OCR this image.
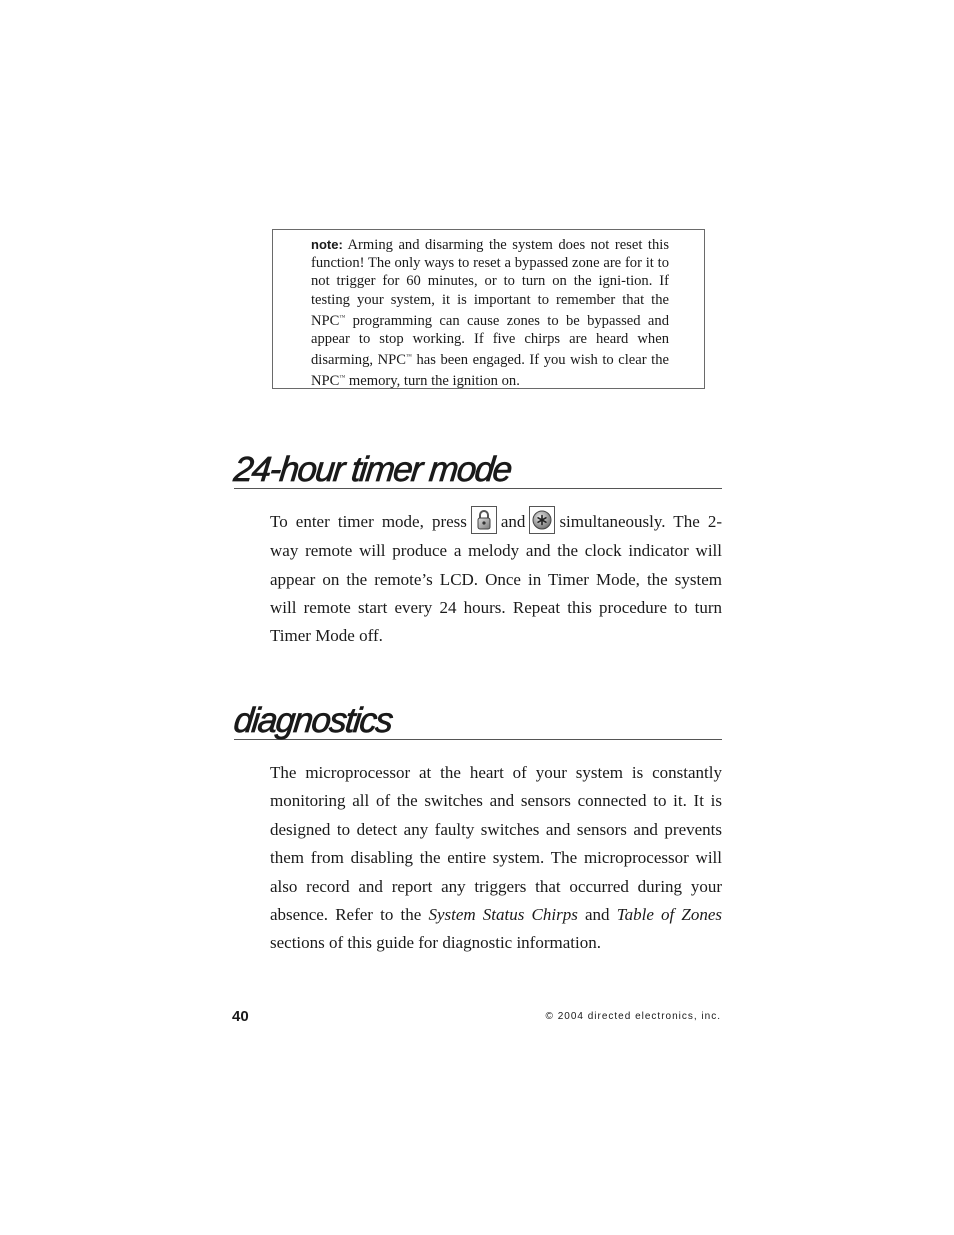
note: Arming and disarming the system does not reset this function! The only ways to reset a bypassed zone are for it to not trigger for 60 minutes, or to turn on the igni-tion. If testing your system, it is important to remember that the NPC™ programming can cause zones to be bypassed and appear to stop working. If five chirps are heard when disarming, NPC™ has been engaged. If you wish to clear the NPC™ memory, turn the ignition on.
24-hour timer mode
To enter timer mode, press and simultaneously. The 2-way remote will produce a melody and the clock indicator will appear on the remote’s LCD. Once in Timer Mode, the system will remote start every 24 hours. Repeat this procedure to turn Timer Mode off.
diagnostics
The microprocessor at the heart of your system is constantly monitoring all of the switches and sensors connected to it. It is designed to detect any faulty switches and sensors and prevents them from disabling the entire system. The microprocessor will also record and report any triggers that occurred during your absence. Refer to the System Status Chirps and Table of Zones sections of this guide for diagnostic information.
40	© 2004 directed electronics, inc.
